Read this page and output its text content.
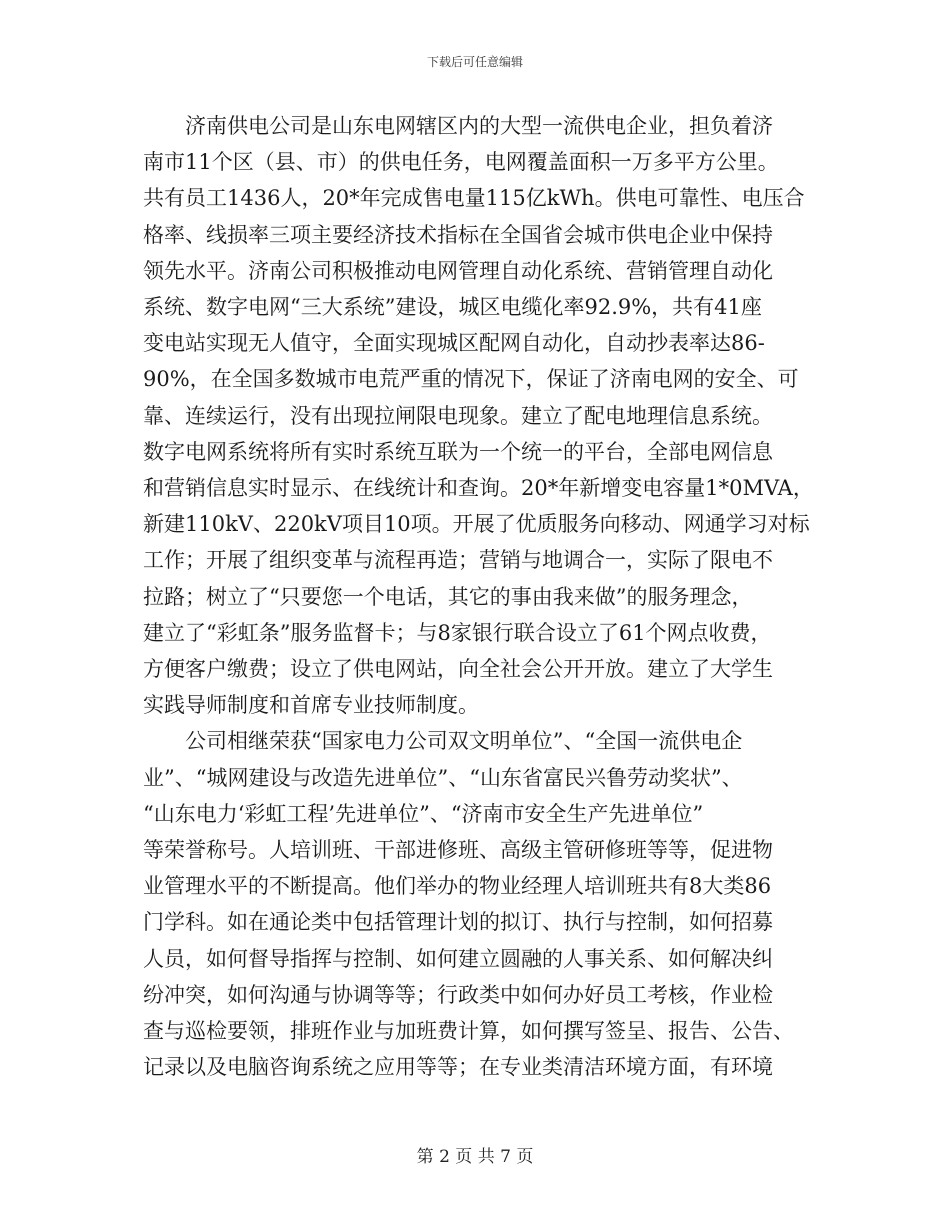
下载后可任意编辑

济南供电公司是山东电网辖区内的大型一流供电企业，担负着济
南市11个区（县、市）的供电任务，电网覆盖面积一万多平方公里。
共有员工1436人，20*年完成售电量115亿kWh。供电可靠性、电压合
格率、线损率三项主要经济技术指标在全国省会城市供电企业中保持
领先水平。济南公司积极推动电网管理自动化系统、营销管理自动化
系统、数字电网“三大系统”建设，城区电缆化率92.9%，共有41座
变电站实现无人值守，全面实现城区配网自动化，自动抄表率达86-
90%，在全国多数城市电荒严重的情况下，保证了济南电网的安全、可
靠、连续运行，没有出现拉闸限电现象。建立了配电地理信息系统。
数字电网系统将所有实时系统互联为一个统一的平台，全部电网信息
和营销信息实时显示、在线统计和查询。20*年新增变电容量1*0MVA，
新建110kV、220kV项目10项。开展了优质服务向移动、网通学习对标
工作；开展了组织变革与流程再造；营销与地调合一，实际了限电不
拉路；树立了“只要您一个电话，其它的事由我来做”的服务理念，
建立了“彩虹条”服务监督卡；与8家银行联合设立了61个网点收费，
方便客户缴费；设立了供电网站，向全社会公开开放。建立了大学生
实践导师制度和首席专业技师制度。

公司相继荣获“国家电力公司双文明单位”、“全国一流供电企
业”、“城网建设与改造先进单位”、“山东省富民兴鲁劳动奖状”、
“山东电力‘彩虹工程’先进单位”、“济南市安全生产先进单位”
等荣誉称号。人培训班、干部进修班、高级主管研修班等等，促进物
业管理水平的不断提高。他们举办的物业经理人培训班共有8大类86
门学科。如在通论类中包括管理计划的拟订、执行与控制，如何招募
人员，如何督导指挥与控制、如何建立圆融的人事关系、如何解决纠
纷冲突，如何沟通与协调等等；行政类中如何办好员工考核，作业检
查与巡检要领，排班作业与加班费计算，如何撰写签呈、报告、公告、
记录以及电脑咨询系统之应用等等；在专业类清洁环境方面，有环境

第 2 页 共 7 页
